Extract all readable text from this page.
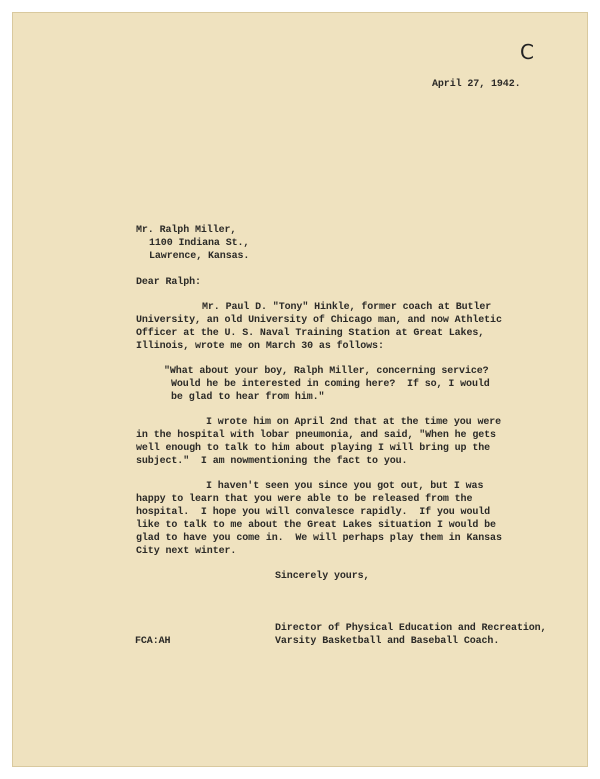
C
April 27, 1942.
Mr. Ralph Miller,
1100 Indiana St.,
Lawrence, Kansas.
Dear Ralph:
Mr. Paul D. "Tony" Hinkle, former coach at Butler
University, an old University of Chicago man, and now Athletic
Officer at the U. S. Naval Training Station at Great Lakes,
Illinois, wrote me on March 30 as follows:
"What about your boy, Ralph Miller, concerning service?
Would he be interested in coming here?  If so, I would
be glad to hear from him."
I wrote him on April 2nd that at the time you were
in the hospital with lobar pneumonia, and said, "When he gets
well enough to talk to him about playing I will bring up the
subject."  I am nowmentioning the fact to you.
I haven't seen you since you got out, but I was
happy to learn that you were able to be released from the
hospital.  I hope you will convalesce rapidly.  If you would
like to talk to me about the Great Lakes situation I would be
glad to have you come in.  We will perhaps play them in Kansas
City next winter.
Sincerely yours,
Director of Physical Education and Recreation,
Varsity Basketball and Baseball Coach.
FCA:AH
